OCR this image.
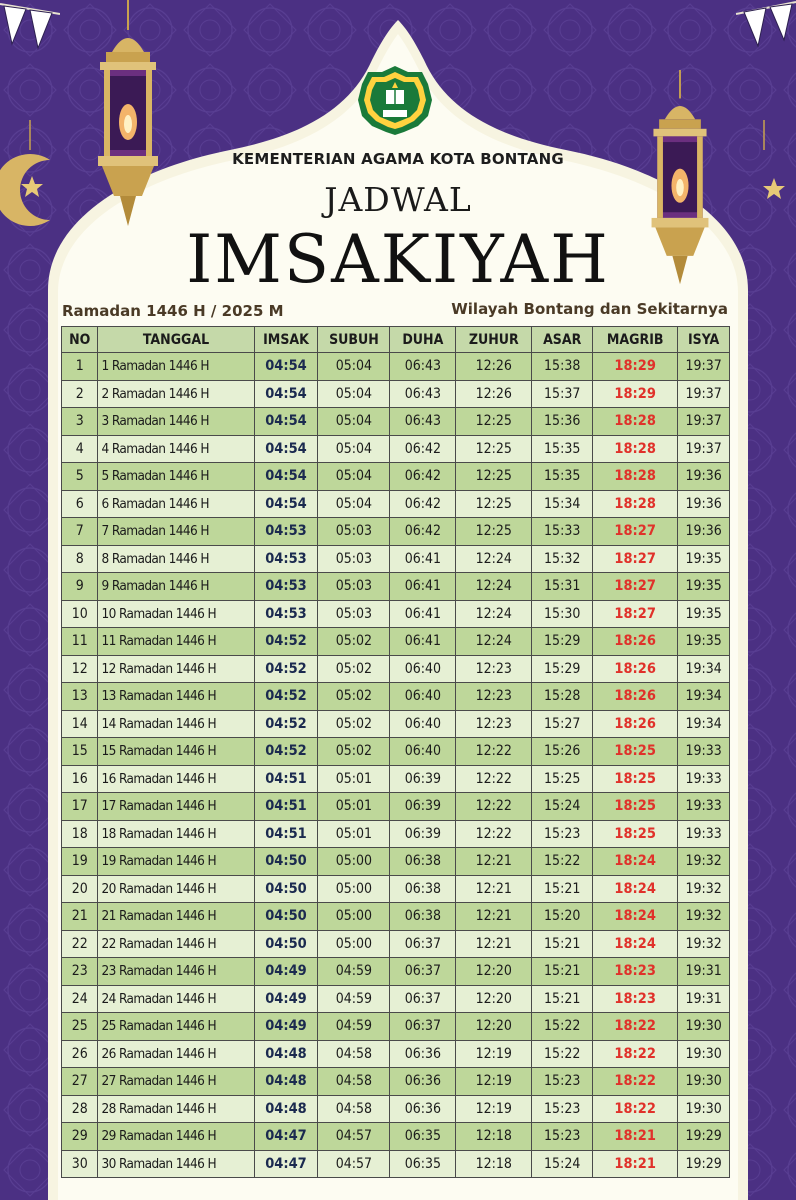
KEMENTERIAN AGAMA KOTA BONTANG
JADWAL
IMSAKIYAH
Ramadan 1446 H / 2025 M	Wilayah Bontang dan Sekitarnya
NO	TANGGAL	IMSAK	SUBUH	DUHA	ZUHUR	ASAR	MAGRIB	ISYA
1	1 Ramadan 1446 H	04:54	05:04	06:43	12:26	15:38	18:29	19:37
2	2 Ramadan 1446 H	04:54	05:04	06:43	12:26	15:37	18:29	19:37
3	3 Ramadan 1446 H	04:54	05:04	06:43	12:25	15:36	18:28	19:37
4	4 Ramadan 1446 H	04:54	05:04	06:42	12:25	15:35	18:28	19:37
5	5 Ramadan 1446 H	04:54	05:04	06:42	12:25	15:35	18:28	19:36
6	6 Ramadan 1446 H	04:54	05:04	06:42	12:25	15:34	18:28	19:36
7	7 Ramadan 1446 H	04:53	05:03	06:42	12:25	15:33	18:27	19:36
8	8 Ramadan 1446 H	04:53	05:03	06:41	12:24	15:32	18:27	19:35
9	9 Ramadan 1446 H	04:53	05:03	06:41	12:24	15:31	18:27	19:35
10	10 Ramadan 1446 H	04:53	05:03	06:41	12:24	15:30	18:27	19:35
11	11 Ramadan 1446 H	04:52	05:02	06:41	12:24	15:29	18:26	19:35
12	12 Ramadan 1446 H	04:52	05:02	06:40	12:23	15:29	18:26	19:34
13	13 Ramadan 1446 H	04:52	05:02	06:40	12:23	15:28	18:26	19:34
14	14 Ramadan 1446 H	04:52	05:02	06:40	12:23	15:27	18:26	19:34
15	15 Ramadan 1446 H	04:52	05:02	06:40	12:22	15:26	18:25	19:33
16	16 Ramadan 1446 H	04:51	05:01	06:39	12:22	15:25	18:25	19:33
17	17 Ramadan 1446 H	04:51	05:01	06:39	12:22	15:24	18:25	19:33
18	18 Ramadan 1446 H	04:51	05:01	06:39	12:22	15:23	18:25	19:33
19	19 Ramadan 1446 H	04:50	05:00	06:38	12:21	15:22	18:24	19:32
20	20 Ramadan 1446 H	04:50	05:00	06:38	12:21	15:21	18:24	19:32
21	21 Ramadan 1446 H	04:50	05:00	06:38	12:21	15:20	18:24	19:32
22	22 Ramadan 1446 H	04:50	05:00	06:37	12:21	15:21	18:24	19:32
23	23 Ramadan 1446 H	04:49	04:59	06:37	12:20	15:21	18:23	19:31
24	24 Ramadan 1446 H	04:49	04:59	06:37	12:20	15:21	18:23	19:31
25	25 Ramadan 1446 H	04:49	04:59	06:37	12:20	15:22	18:22	19:30
26	26 Ramadan 1446 H	04:48	04:58	06:36	12:19	15:22	18:22	19:30
27	27 Ramadan 1446 H	04:48	04:58	06:36	12:19	15:23	18:22	19:30
28	28 Ramadan 1446 H	04:48	04:58	06:36	12:19	15:23	18:22	19:30
29	29 Ramadan 1446 H	04:47	04:57	06:35	12:18	15:23	18:21	19:29
30	30 Ramadan 1446 H	04:47	04:57	06:35	12:18	15:24	18:21	19:29
